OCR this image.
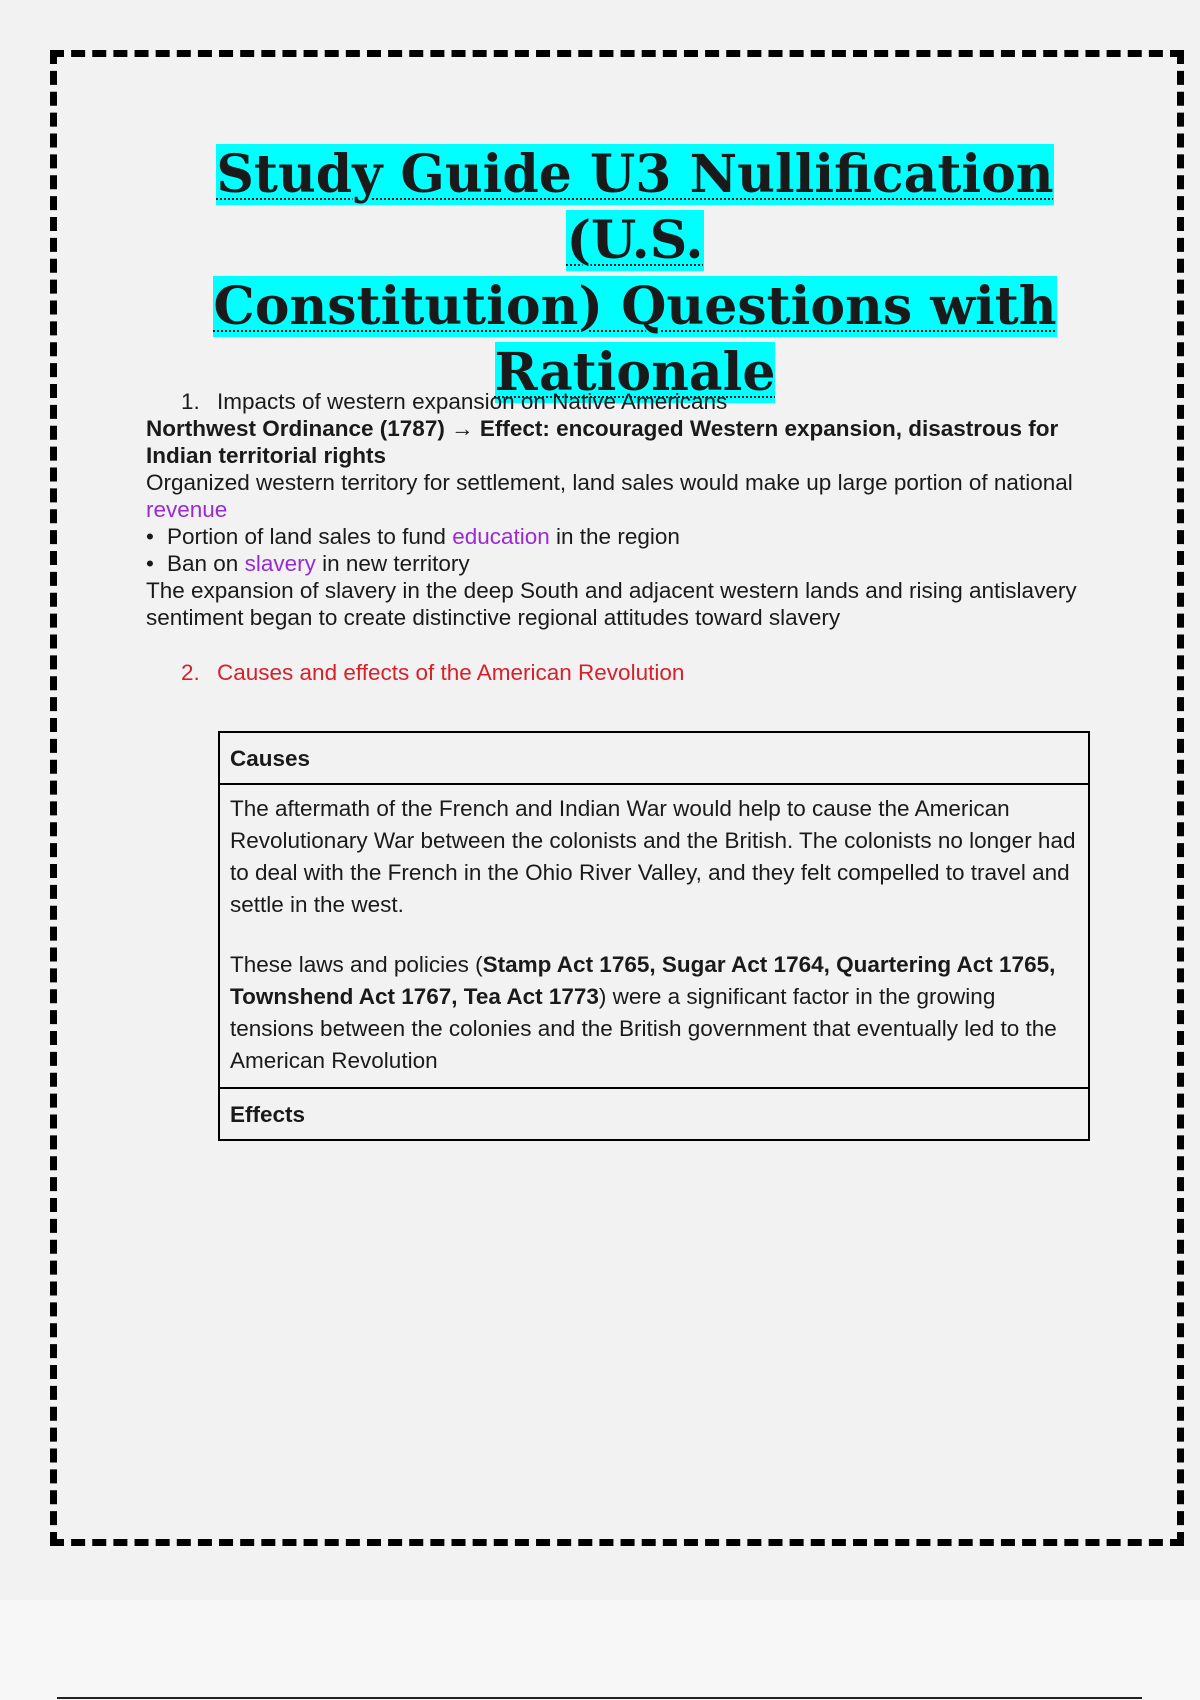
Study Guide U3 Nullification (U.S.
Constitution) Questions with
Rationale
1. Impacts of western expansion on Native Americans
Northwest Ordinance (1787) → Effect: encouraged Western expansion, disastrous for Indian territorial rights
Organized western territory for settlement, land sales would make up large portion of national revenue
• Portion of land sales to fund education in the region
• Ban on slavery in new territory
The expansion of slavery in the deep South and adjacent western lands and rising antislavery sentiment began to create distinctive regional attitudes toward slavery
2. Causes and effects of the American Revolution
Causes

The aftermath of the French and Indian War would help to cause the American Revolutionary War between the colonists and the British. The colonists no longer had to deal with the French in the Ohio River Valley, and they felt compelled to travel and settle in the west.

These laws and policies (Stamp Act 1765, Sugar Act 1764, Quartering Act 1765, Townshend Act 1767, Tea Act 1773) were a significant factor in the growing tensions between the colonies and the British government that eventually led to the American Revolution

Effects
